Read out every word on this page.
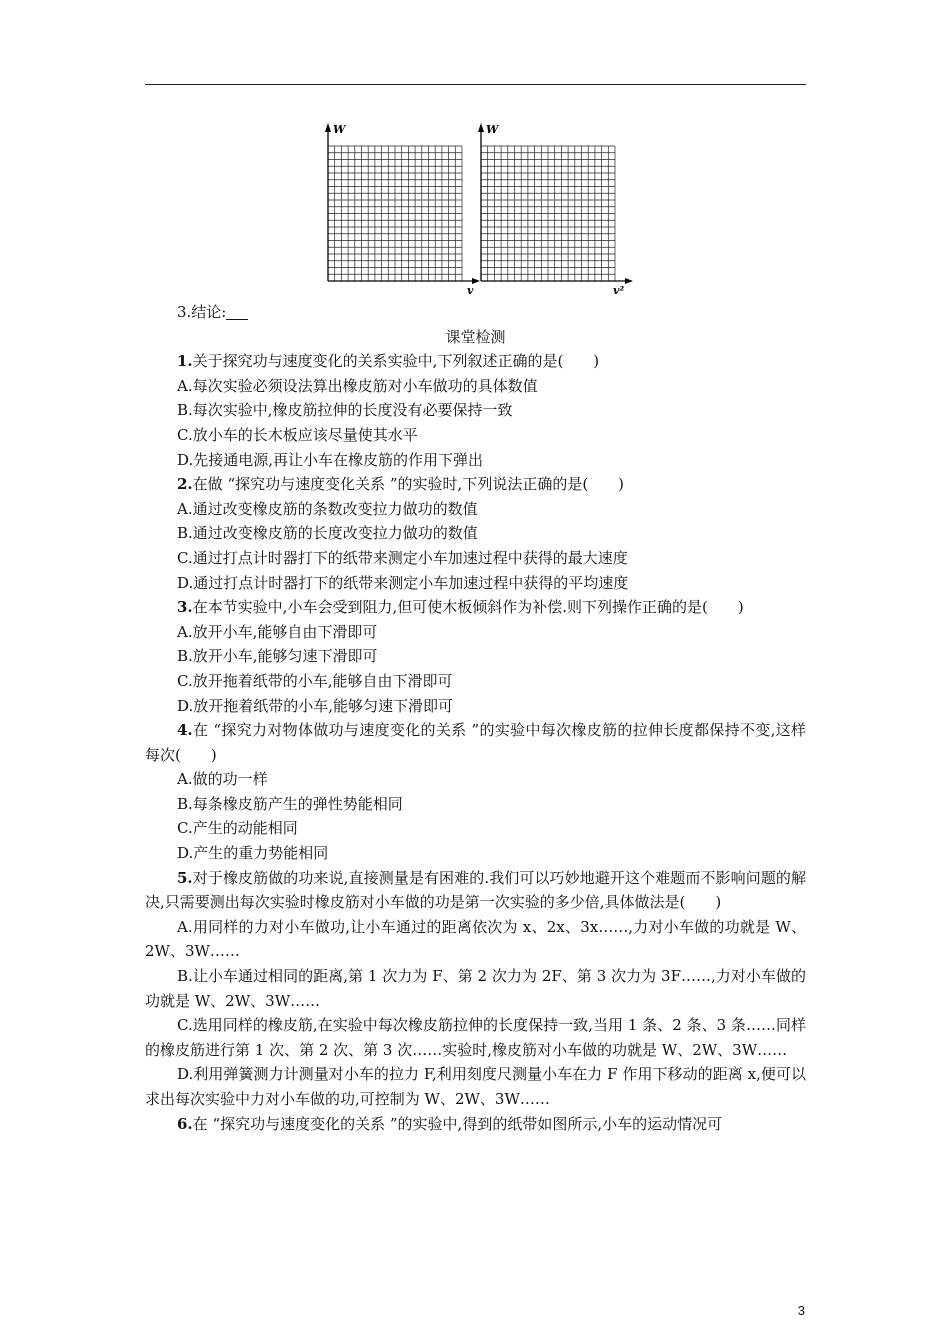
W
v
W
v²

3.结论:

课堂检测

1.关于探究功与速度变化的关系实验中,下列叙述正确的是(　　)

A.每次实验必须设法算出橡皮筋对小车做功的具体数值

B.每次实验中,橡皮筋拉伸的长度没有必要保持一致

C.放小车的长木板应该尽量使其水平

D.先接通电源,再让小车在橡皮筋的作用下弹出

2.在做 “探究功与速度变化关系 ”的实验时,下列说法正确的是(　　)

A.通过改变橡皮筋的条数改变拉力做功的数值

B.通过改变橡皮筋的长度改变拉力做功的数值

C.通过打点计时器打下的纸带来测定小车加速过程中获得的最大速度

D.通过打点计时器打下的纸带来测定小车加速过程中获得的平均速度

3.在本节实验中,小车会受到阻力,但可使木板倾斜作为补偿.则下列操作正确的是(　　)

A.放开小车,能够自由下滑即可

B.放开小车,能够匀速下滑即可

C.放开拖着纸带的小车,能够自由下滑即可

D.放开拖着纸带的小车,能够匀速下滑即可

4.在 “探究力对物体做功与速度变化的关系 ”的实验中每次橡皮筋的拉伸长度都保持不变,这样每次(　　)

A.做的功一样

B.每条橡皮筋产生的弹性势能相同

C.产生的动能相同

D.产生的重力势能相同

5.对于橡皮筋做的功来说,直接测量是有困难的.我们可以巧妙地避开这个难题而不影响问题的解决,只需要测出每次实验时橡皮筋对小车做的功是第一次实验的多少倍,具体做法是(　　)

A.用同样的力对小车做功,让小车通过的距离依次为 x、2x、3x……,力对小车做的功就是 W、2W、3W……

B.让小车通过相同的距离,第 1 次力为 F、第 2 次力为 2F、第 3 次力为 3F……,力对小车做的功就是 W、2W、3W……

C.选用同样的橡皮筋,在实验中每次橡皮筋拉伸的长度保持一致,当用 1 条、2 条、3 条……同样的橡皮筋进行第 1 次、第 2 次、第 3 次……实验时,橡皮筋对小车做的功就是 W、2W、3W……

D.利用弹簧测力计测量对小车的拉力 F,利用刻度尺测量小车在力 F 作用下移动的距离 x,便可以求出每次实验中力对小车做的功,可控制为 W、2W、3W……

6.在 “探究功与速度变化的关系 ”的实验中,得到的纸带如图所示,小车的运动情况可

3
